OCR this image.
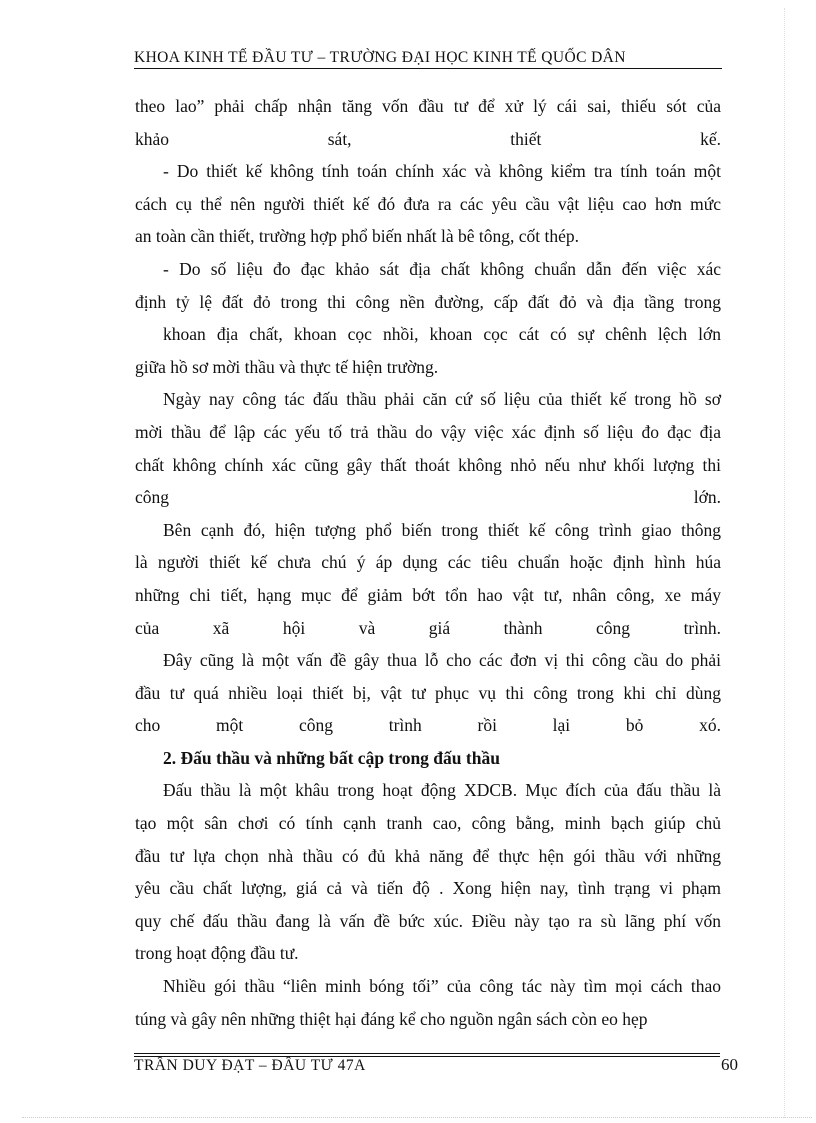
KHOA KINH TẾ ĐẦU TƯ – TRƯỜNG ĐẠI HỌC KINH TẾ QUỐC DÂN
theo lao” phải chấp nhận tăng vốn đầu tư để xử lý cái sai, thiếu sót của
khảo sát, thiết kế.
- Do thiết kế không tính toán chính xác và không kiểm tra tính toán một
cách cụ thể nên người thiết kế đó đưa ra các yêu cầu vật liệu cao hơn mức
an toàn cần thiết, trường hợp phổ biến nhất là bê tông, cốt thép.
- Do số liệu đo đạc khảo sát địa chất không chuẩn dẫn đến việc xác
định tỷ lệ đất đỏ trong thi công nền đường, cấp đất đỏ và địa tầng trong
khoan địa chất, khoan cọc nhồi, khoan cọc cát có sự chênh lệch lớn
giữa hồ sơ mời thầu và thực tế hiện trường.
Ngày nay công tác đấu thầu phải căn cứ số liệu của thiết kế trong hồ sơ
mời thầu để lập các yếu tố trả thầu do vậy việc xác định số liệu đo đạc địa
chất không chính xác cũng gây thất thoát không nhỏ nếu như khối lượng thi
công lớn.
Bên cạnh đó, hiện tượng phổ biến trong thiết kế công trình giao thông
là người thiết kế chưa chú ý áp dụng các tiêu chuẩn hoặc định hình húa
những chi tiết, hạng mục để giảm bớt tổn hao vật tư, nhân công, xe máy
của xã hội và giá thành công trình.
Đây cũng là một vấn đề gây thua lỗ cho các đơn vị thi công cầu do phải
đầu tư quá nhiều loại thiết bị, vật tư phục vụ thi công trong khi chỉ dùng
cho một công trình rồi lại bỏ xó.
2. Đấu thầu và những bất cập trong đấu thầu
Đấu thầu là một khâu trong hoạt động XDCB. Mục đích của đấu thầu là
tạo một sân chơi có tính cạnh tranh cao, công bằng, minh bạch giúp chủ
đầu tư lựa chọn nhà thầu có đủ khả năng để thực hện gói thầu với những
yêu cầu chất lượng, giá cả và tiến độ . Xong hiện nay, tình trạng vi phạm
quy chế đấu thầu đang là vấn đề bức xúc. Điều này tạo ra sù lãng phí vốn
trong hoạt động đầu tư.
Nhiều gói thầu “liên minh bóng tối” của công tác này tìm mọi cách thao
túng và gây nên những thiệt hại đáng kể cho nguồn ngân sách còn eo hẹp
TRẦN DUY ĐẠT – ĐẦU TƯ 47A	60
